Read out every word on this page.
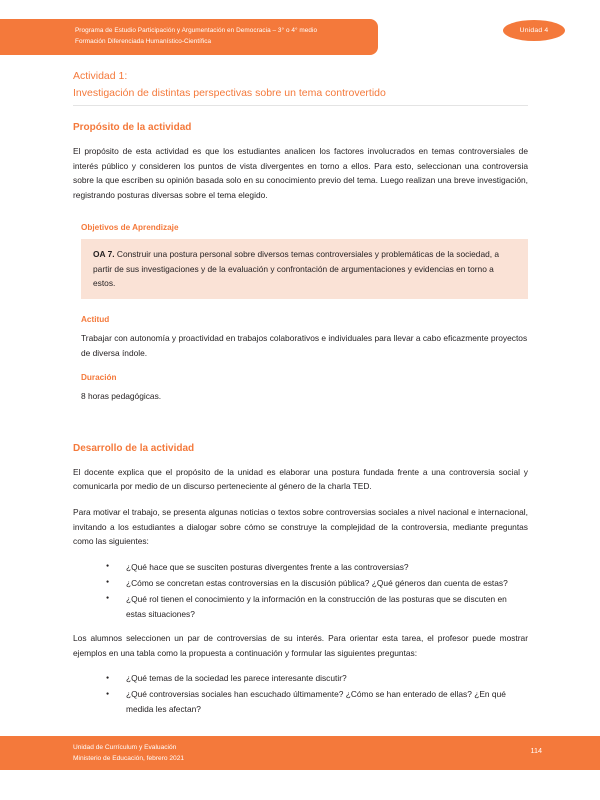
Programa de Estudio Participación y Argumentación en Democracia – 3° o 4° medio
Formación Diferenciada Humanístico-Científica
Unidad 4
Actividad 1:
Investigación de distintas perspectivas sobre un tema controvertido
Propósito de la actividad

El propósito de esta actividad es que los estudiantes analicen los factores involucrados en temas controversiales de interés público y consideren los puntos de vista divergentes en torno a ellos. Para esto, seleccionan una controversia sobre la que escriben su opinión basada solo en su conocimiento previo del tema. Luego realizan una breve investigación, registrando posturas diversas sobre el tema elegido.

Objetivos de Aprendizaje

OA 7. Construir una postura personal sobre diversos temas controversiales y problemáticas de la sociedad, a partir de sus investigaciones y de la evaluación y confrontación de argumentaciones y evidencias en torno a estos.

Actitud

Trabajar con autonomía y proactividad en trabajos colaborativos e individuales para llevar a cabo eficazmente proyectos de diversa índole.

Duración

8 horas pedagógicas.

Desarrollo de la actividad

El docente explica que el propósito de la unidad es elaborar una postura fundada frente a una controversia social y comunicarla por medio de un discurso perteneciente al género de la charla TED.

Para motivar el trabajo, se presenta algunas noticias o textos sobre controversias sociales a nivel nacional e internacional, invitando a los estudiantes a dialogar sobre cómo se construye la complejidad de la controversia, mediante preguntas como las siguientes:

● ¿Qué hace que se susciten posturas divergentes frente a las controversias?
● ¿Cómo se concretan estas controversias en la discusión pública? ¿Qué géneros dan cuenta de estas?
● ¿Qué rol tienen el conocimiento y la información en la construcción de las posturas que se discuten en estas situaciones?

Los alumnos seleccionen un par de controversias de su interés. Para orientar esta tarea, el profesor puede mostrar ejemplos en una tabla como la propuesta a continuación y formular las siguientes preguntas:

● ¿Qué temas de la sociedad les parece interesante discutir?
● ¿Qué controversias sociales han escuchado últimamente? ¿Cómo se han enterado de ellas? ¿En qué medida les afectan?
Unidad de Currículum y Evaluación
Ministerio de Educación, febrero 2021
114
